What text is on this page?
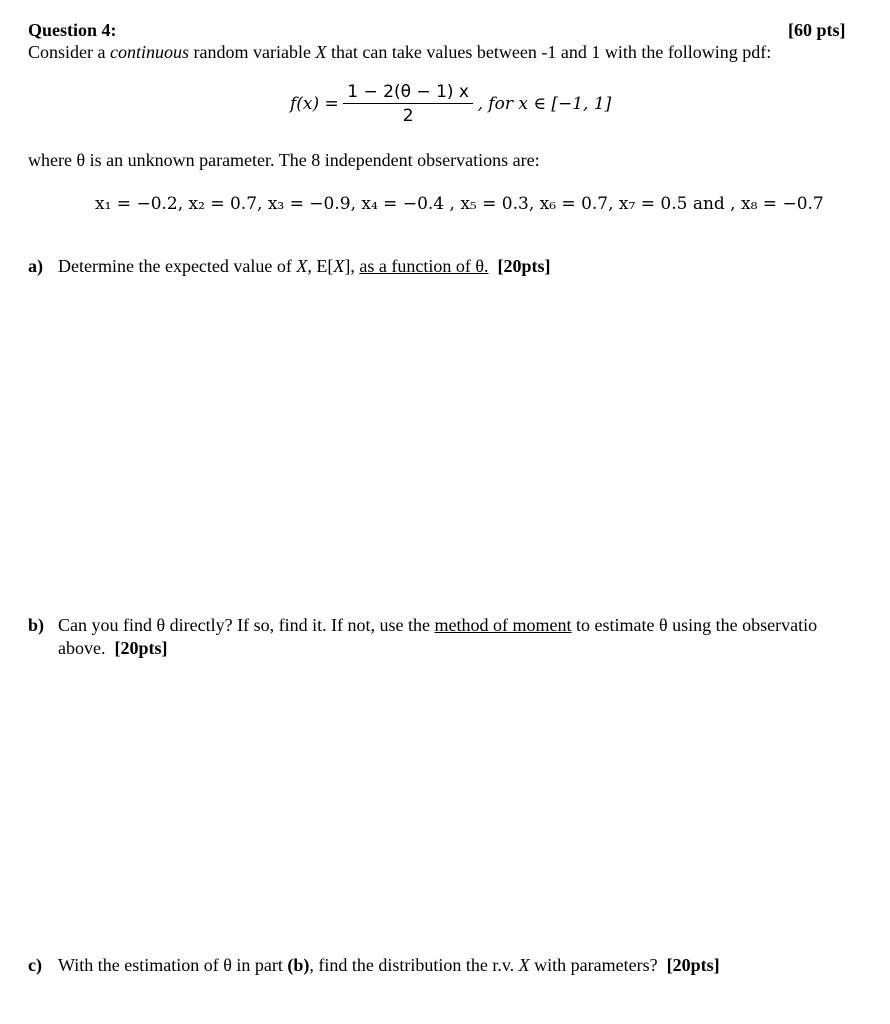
Question 4:	[60 pts]
Consider a continuous random variable X that can take values between -1 and 1 with the following pdf:
$f(x) = \frac{1 - 2(\theta - 1) x}{2}$ , for x ∈ [−1, 1]
where θ is an unknown parameter. The 8 independent observations are:
x₁ = −0.2, x₂ = 0.7, x₃ = −0.9, x₄ = −0.4 , x₅ = 0.3, x₆ = 0.7, x₇ = 0.5 and , x₈ = −0.7
a) Determine the expected value of X, E[X], as a function of θ. [20pts]
b) Can you find θ directly? If so, find it. If not, use the method of moment to estimate θ using the observatio
above. [20pts]
c) With the estimation of θ in part (b), find the distribution the r.v. X with parameters? [20pts]
